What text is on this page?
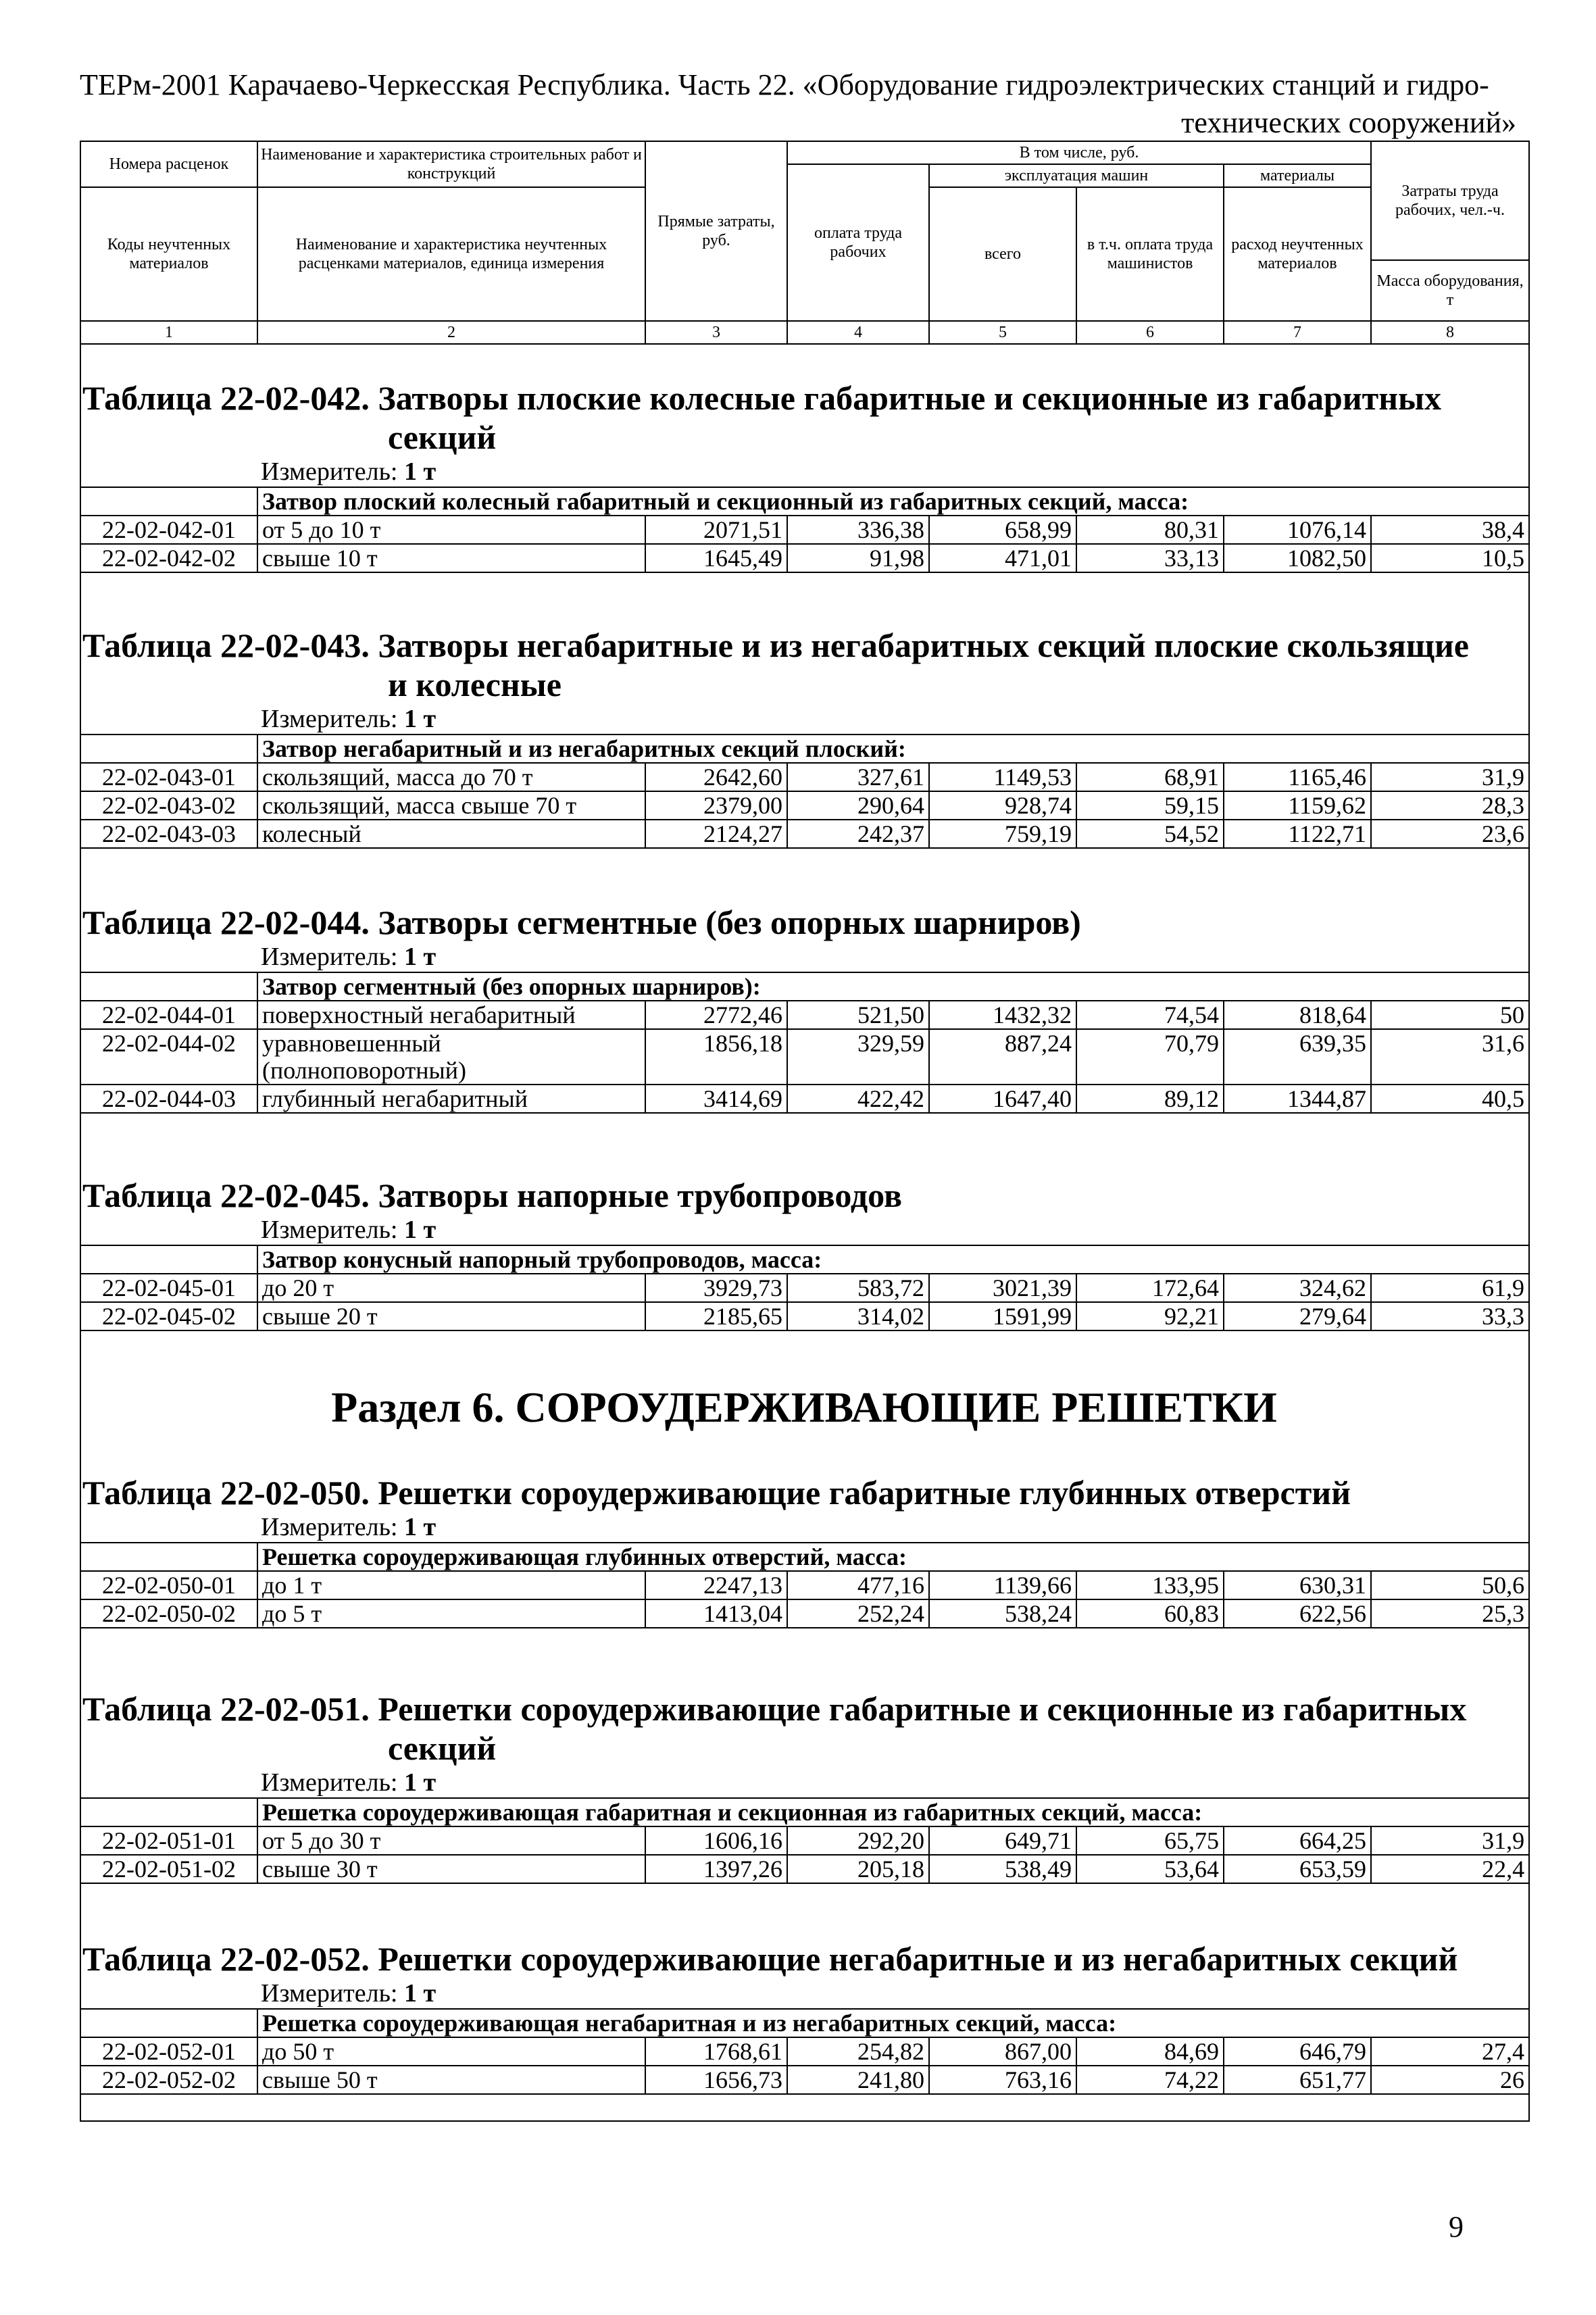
ТЕРм-2001 Карачаево-Черкесская Республика. Часть 22. «Оборудование гидроэлектрических станций и гидро-
технических сооружений»
Номера расценок	Наименование и характеристика строительных работ и конструкций	Прямые затраты, руб.	В том числе, руб.				Затраты труда рабочих, чел.-ч.
			оплата труда рабочих	эксплуатация машин		материалы	
Коды неучтенных материалов	Наименование и характеристика неучтенных расценками материалов, единица измерения			всего	в т.ч. оплата труда машинистов	расход неучтенных материалов	
							Масса оборудования, т
1	2	3	4	5	6	7	8
Таблица 22-02-042. Затворы плоские колесные габаритные и секционные из габаритных
секций
Измеритель: 1 т
	Затвор плоский колесный габаритный и секционный из габаритных секций, масса:						
22-02-042-01	от 5 до 10 т	2071,51	336,38	658,99	80,31	1076,14	38,4
22-02-042-02	свыше 10 т	1645,49	91,98	471,01	33,13	1082,50	10,5
Таблица 22-02-043. Затворы негабаритные и из негабаритных секций плоские скользящие
и колесные
Измеритель: 1 т
	Затвор негабаритный и из негабаритных секций плоский:						
22-02-043-01	скользящий, масса до 70 т	2642,60	327,61	1149,53	68,91	1165,46	31,9
22-02-043-02	скользящий, масса свыше 70 т	2379,00	290,64	928,74	59,15	1159,62	28,3
22-02-043-03	колесный	2124,27	242,37	759,19	54,52	1122,71	23,6
Таблица 22-02-044. Затворы сегментные (без опорных шарниров)
Измеритель: 1 т
	Затвор сегментный (без опорных шарниров):						
22-02-044-01	поверхностный негабаритный	2772,46	521,50	1432,32	74,54	818,64	50
22-02-044-02	уравновешенный (полноповоротный)	1856,18	329,59	887,24	70,79	639,35	31,6
22-02-044-03	глубинный негабаритный	3414,69	422,42	1647,40	89,12	1344,87	40,5
Таблица 22-02-045. Затворы напорные трубопроводов
Измеритель: 1 т
	Затвор конусный напорный трубопроводов, масса:						
22-02-045-01	до 20 т	3929,73	583,72	3021,39	172,64	324,62	61,9
22-02-045-02	свыше 20 т	2185,65	314,02	1591,99	92,21	279,64	33,3
Раздел 6. СОРОУДЕРЖИВАЮЩИЕ РЕШЕТКИ
Таблица 22-02-050. Решетки сороудерживающие габаритные глубинных отверстий
Измеритель: 1 т
	Решетка сороудерживающая глубинных отверстий, масса:						
22-02-050-01	до 1 т	2247,13	477,16	1139,66	133,95	630,31	50,6
22-02-050-02	до 5 т	1413,04	252,24	538,24	60,83	622,56	25,3
Таблица 22-02-051. Решетки сороудерживающие габаритные и секционные из габаритных
секций
Измеритель: 1 т
	Решетка сороудерживающая габаритная и секционная из габаритных секций, масса:						
22-02-051-01	от 5 до 30 т	1606,16	292,20	649,71	65,75	664,25	31,9
22-02-051-02	свыше 30 т	1397,26	205,18	538,49	53,64	653,59	22,4
Таблица 22-02-052. Решетки сороудерживающие негабаритные и из негабаритных секций
Измеритель: 1 т
	Решетка сороудерживающая негабаритная и из негабаритных секций, масса:						
22-02-052-01	до 50 т	1768,61	254,82	867,00	84,69	646,79	27,4
22-02-052-02	свыше 50 т	1656,73	241,80	763,16	74,22	651,77	26
9
